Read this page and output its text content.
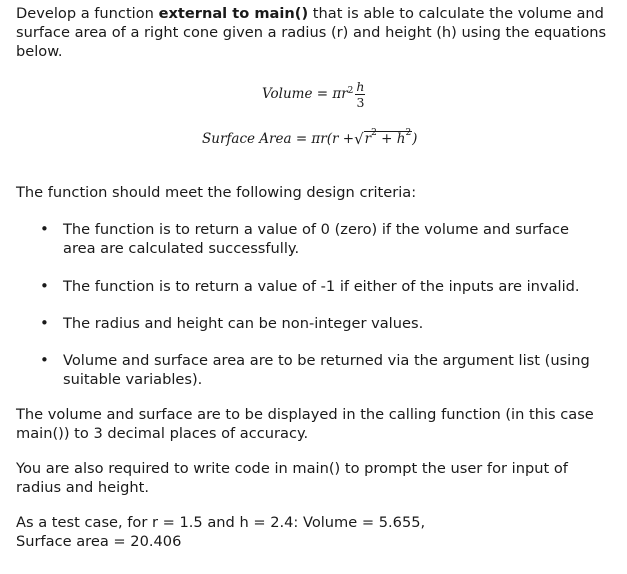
Develop a function external to main() that is able to calculate the volume and surface area of a right cone given a radius (r) and height (h) using the equations below.

Volume = $\pi r^2 \frac{h}{3}$
Surface Area = πr(r + √ $r^2 + h^2$ )

The function should meet the following design criteria:

• The function is to return a value of 0 (zero) if the volume and surface area are calculated successfully.
• The function is to return a value of -1 if either of the inputs are invalid.
• The radius and height can be non-integer values.
• Volume and surface area are to be returned via the argument list (using suitable variables).

The volume and surface are to be displayed in the calling function (in this case main()) to 3 decimal places of accuracy.

You are also required to write code in main() to prompt the user for input of radius and height.

As a test case, for r = 1.5 and h = 2.4: Volume = 5.655,

Surface area = 20.406
